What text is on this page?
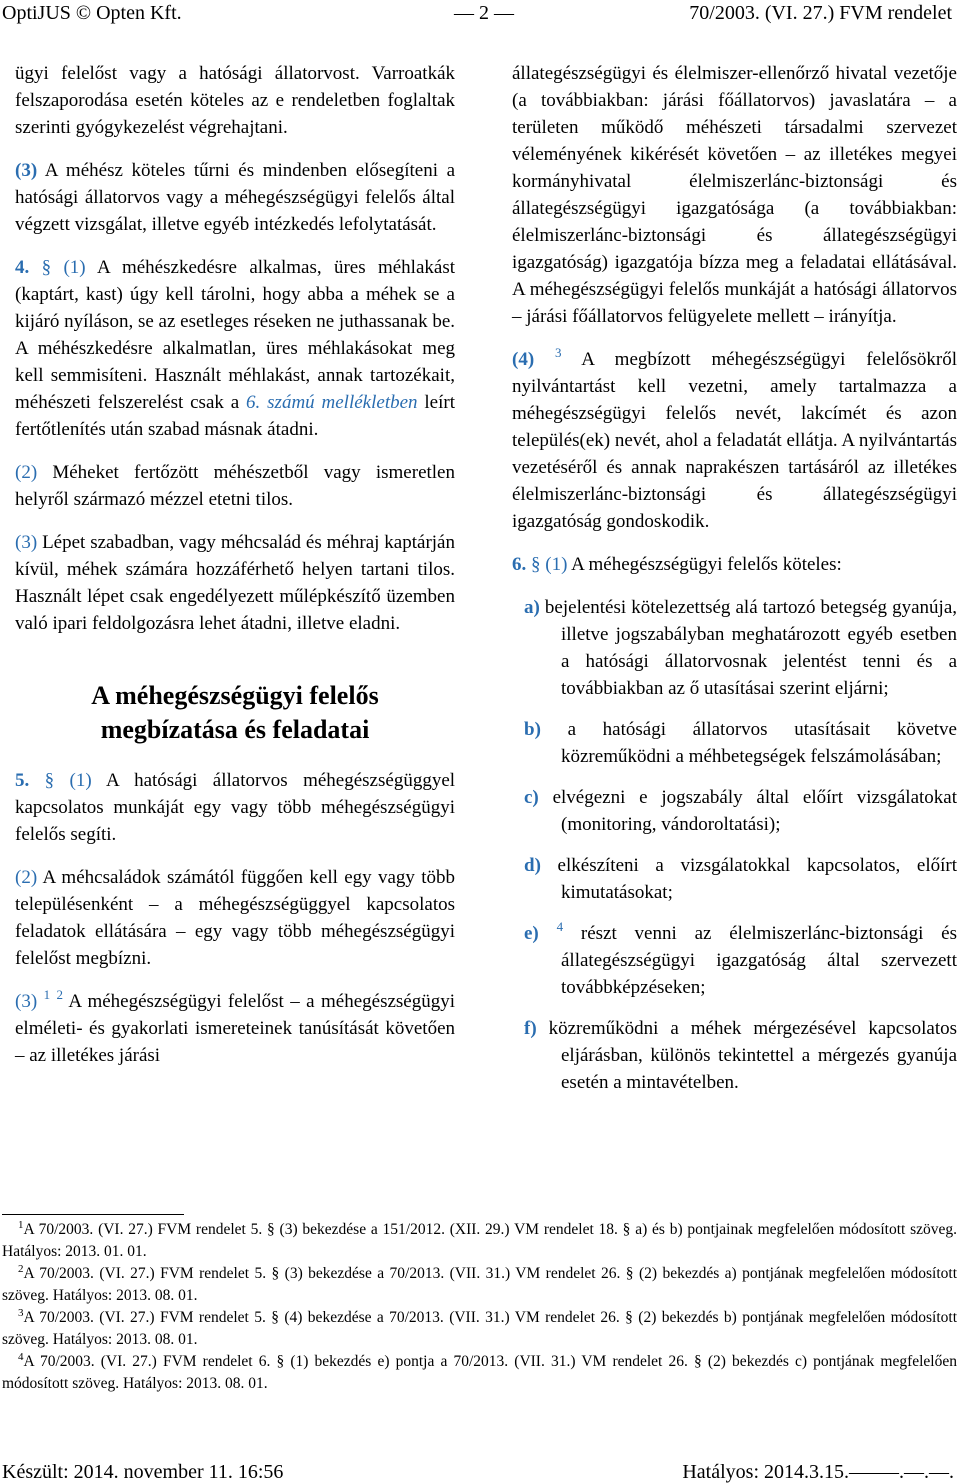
OptiJUS © Opten Kft.	— 2 —	70/2003. (VI. 27.) FVM rendelet

ügyi felelőst vagy a hatósági állatorvost. Varroatkák felszaporodása esetén köteles az e rendeletben foglaltak szerinti gyógykezelést végrehajtani.

(3) A méhész köteles tűrni és mindenben elősegíteni a hatósági állatorvos vagy a méhegészségügyi felelős által végzett vizsgálat, illetve egyéb intézkedés lefolytatását.

4. § (1) A méhészkedésre alkalmas, üres méhlakást (kaptárt, kast) úgy kell tárolni, hogy abba a méhek se a kijáró nyíláson, se az esetleges réseken ne juthassanak be. A méhészkedésre alkalmatlan, üres méhlakásokat meg kell semmisíteni. Használt méhlakást, annak tartozékait, méhészeti felszerelést csak a 6. számú mellékletben leírt fertőtlenítés után szabad másnak átadni.

(2) Méheket fertőzött méhészetből vagy ismeretlen helyről származó mézzel etetni tilos.

(3) Lépet szabadban, vagy méhcsalád és méhraj kaptárján kívül, méhek számára hozzáférhető helyen tartani tilos. Használt lépet csak engedélyezett műlépkészítő üzemben való ipari feldolgozásra lehet átadni, illetve eladni.

A méhegészségügyi felelős
megbízatása és feladatai

5. § (1) A hatósági állatorvos méhegészségüggyel kapcsolatos munkáját egy vagy több méhegészségügyi felelős segíti.

(2) A méhcsaládok számától függően kell egy vagy több településenként – a méhegészségüggyel kapcsolatos feladatok ellátására – egy vagy több méhegészségügyi felelőst megbízni.

(3) $^1$ $^2$ A méhegészségügyi felelőst – a méhegészségügyi elméleti- és gyakorlati ismereteinek tanúsítását követően – az illetékes járási

állategészségügyi és élelmiszer-ellenőrző hivatal vezetője (a továbbiakban: járási főállatorvos) javaslatára – a területen működő méhészeti társadalmi szervezet véleményének kikérését követően – az illetékes megyei kormányhivatal élelmiszerlánc-biztonsági és állategészségügyi igazgatósága (a továbbiakban: élelmiszerlánc-biztonsági és állategészségügyi igazgatóság) igazgatója bízza meg a feladatai ellátásával. A méhegészségügyi felelős munkáját a hatósági állatorvos – járási főállatorvos felügyelete mellett – irányítja.

(4) $^3$ A megbízott méhegészségügyi felelősökről nyilvántartást kell vezetni, amely tartalmazza a méhegészségügyi felelős nevét, lakcímét és azon település(ek) nevét, ahol a feladatát ellátja. A nyilvántartás vezetéséről és annak naprakészen tartásáról az illetékes élelmiszerlánc-biztonsági és állategészségügyi igazgatóság gondoskodik.

6. § (1) A méhegészségügyi felelős köteles:

a) bejelentési kötelezettség alá tartozó betegség gyanúja, illetve jogszabályban meghatározott egyéb esetben a hatósági állatorvosnak jelentést tenni és a továbbiakban az ő utasításai szerint eljárni;

b) a hatósági állatorvos utasításait követve közreműködni a méhbetegségek felszámolásában;

c) elvégezni e jogszabály által előírt vizsgálatokat (monitoring, vándoroltatási);

d) elkészíteni a vizsgálatokkal kapcsolatos, előírt kimutatásokat;

e) $^4$ részt venni az élelmiszerlánc-biztonsági és állategészségügyi igazgatóság által szervezett továbbképzéseken;

f) közreműködni a méhek mérgezésével kapcsolatos eljárásban, különös tekintettel a mérgezés gyanúja esetén a mintavételben.

$^1$A 70/2003. (VI. 27.) FVM rendelet 5. § (3) bekezdése a 151/2012. (XII. 29.) VM rendelet 18. § a) és b) pontjainak megfelelően módosított szöveg. Hatályos: 2013. 01. 01.

$^2$A 70/2003. (VI. 27.) FVM rendelet 5. § (3) bekezdése a 70/2013. (VII. 31.) VM rendelet 26. § (2) bekezdés a) pontjának megfelelően módosított szöveg. Hatályos: 2013. 08. 01.

$^3$A 70/2003. (VI. 27.) FVM rendelet 5. § (4) bekezdése a 70/2013. (VII. 31.) VM rendelet 26. § (2) bekezdés b) pontjának megfelelően módosított szöveg. Hatályos: 2013. 08. 01.

$^4$A 70/2003. (VI. 27.) FVM rendelet 6. § (1) bekezdés e) pontja a 70/2013. (VII. 31.) VM rendelet 26. § (2) bekezdés c) pontjának megfelelően módosított szöveg. Hatályos: 2013. 08. 01.

Készült: 2014. november 11. 16:56	Hatályos: 2014.3.15.–––––.––.––.
